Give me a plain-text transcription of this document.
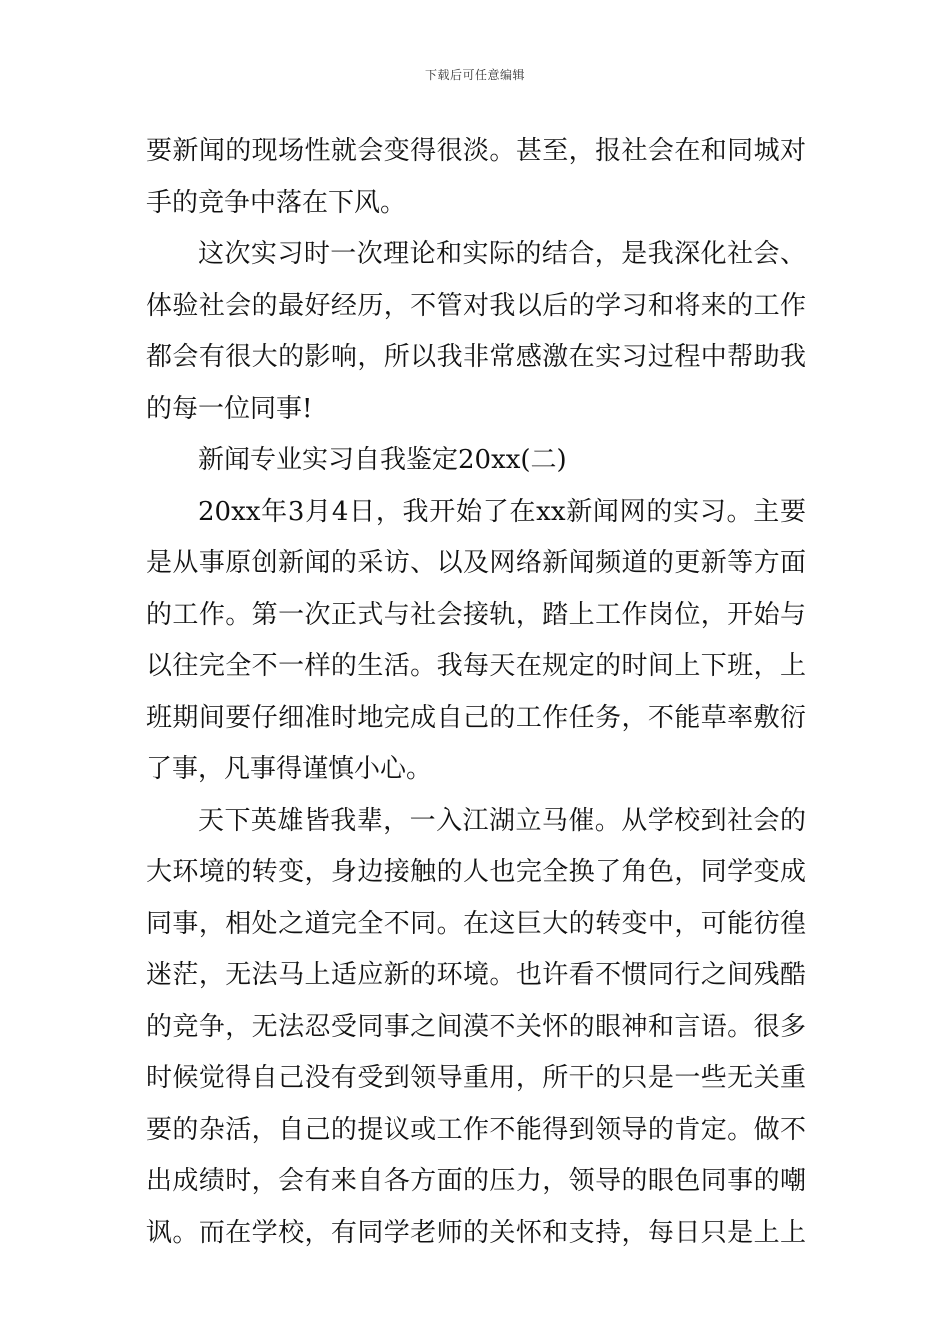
下载后可任意编辑
要新闻的现场性就会变得很淡。甚至，报社会在和同城对
手的竞争中落在下风。
这次实习时一次理论和实际的结合，是我深化社会、
体验社会的最好经历，不管对我以后的学习和将来的工作
都会有很大的影响，所以我非常感激在实习过程中帮助我
的每一位同事!
新闻专业实习自我鉴定20xx(二)
20xx年3月4日，我开始了在xx新闻网的实习。主要
是从事原创新闻的采访、以及网络新闻频道的更新等方面
的工作。第一次正式与社会接轨，踏上工作岗位，开始与
以往完全不一样的生活。我每天在规定的时间上下班，上
班期间要仔细准时地完成自己的工作任务，不能草率敷衍
了事，凡事得谨慎小心。
天下英雄皆我辈，一入江湖立马催。从学校到社会的
大环境的转变，身边接触的人也完全换了角色，同学变成
同事，相处之道完全不同。在这巨大的转变中，可能彷徨
迷茫，无法马上适应新的环境。也许看不惯同行之间残酷
的竞争，无法忍受同事之间漠不关怀的眼神和言语。很多
时候觉得自己没有受到领导重用，所干的只是一些无关重
要的杂活，自己的提议或工作不能得到领导的肯定。做不
出成绩时，会有来自各方面的压力，领导的眼色同事的嘲
讽。而在学校，有同学老师的关怀和支持，每日只是上上
